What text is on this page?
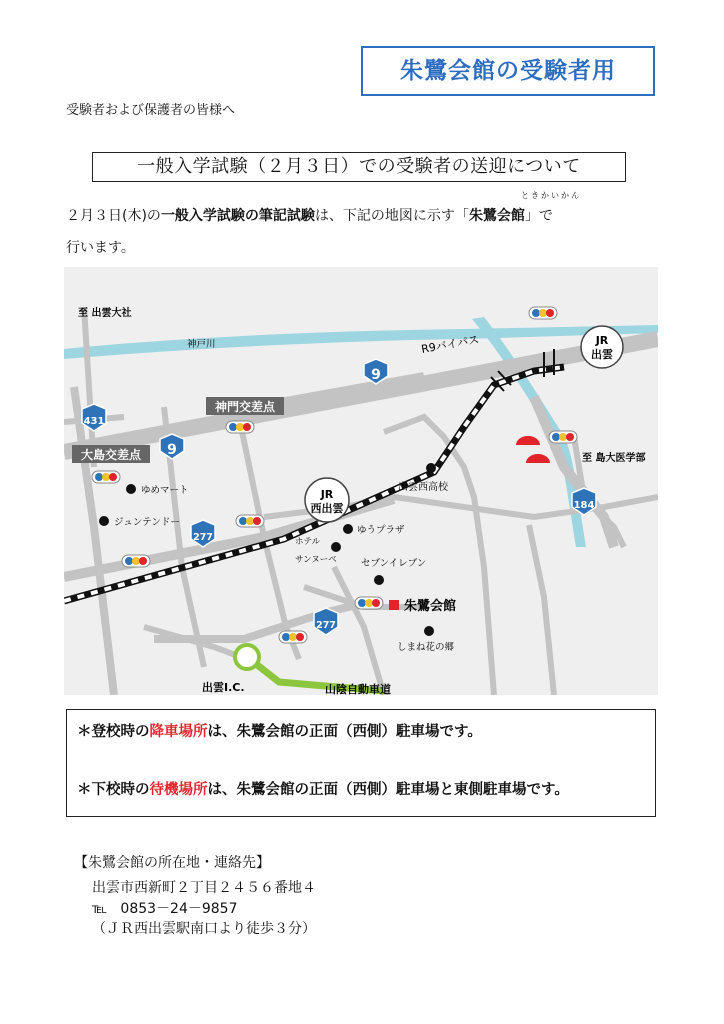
朱鷺会館の受験者用
受験者および保護者の皆様へ
一般入学試験（２月３日）での受験者の送迎について
ときかいかん
２月３日(木)の一般入学試験の筆記試験は、下記の地図に示す「朱鷺会館」で
行います。
9
9
431
184
277
277
JR
出雲
JR
西出雲
神門交差点
大島交差点
ゆめマート
ジュンテンドー
出雲西高校
ゆうプラザ
ホテル
サンヌーベ	セブンイレブン
朱鷺会館
しまね花の郷
至 出雲大社
神戸川	R9バイパス
至 島大医学部
出雲I.C.	山陰自動車道
＊登校時の降車場所は、朱鷺会館の正面（西側）駐車場です。
＊下校時の待機場所は、朱鷺会館の正面（西側）駐車場と東側駐車場です。
【朱鷺会館の所在地・連絡先】
出雲市西新町２丁目２４５６番地４
℡ 0853－24－9857
（ＪＲ西出雲駅南口より徒歩３分）
